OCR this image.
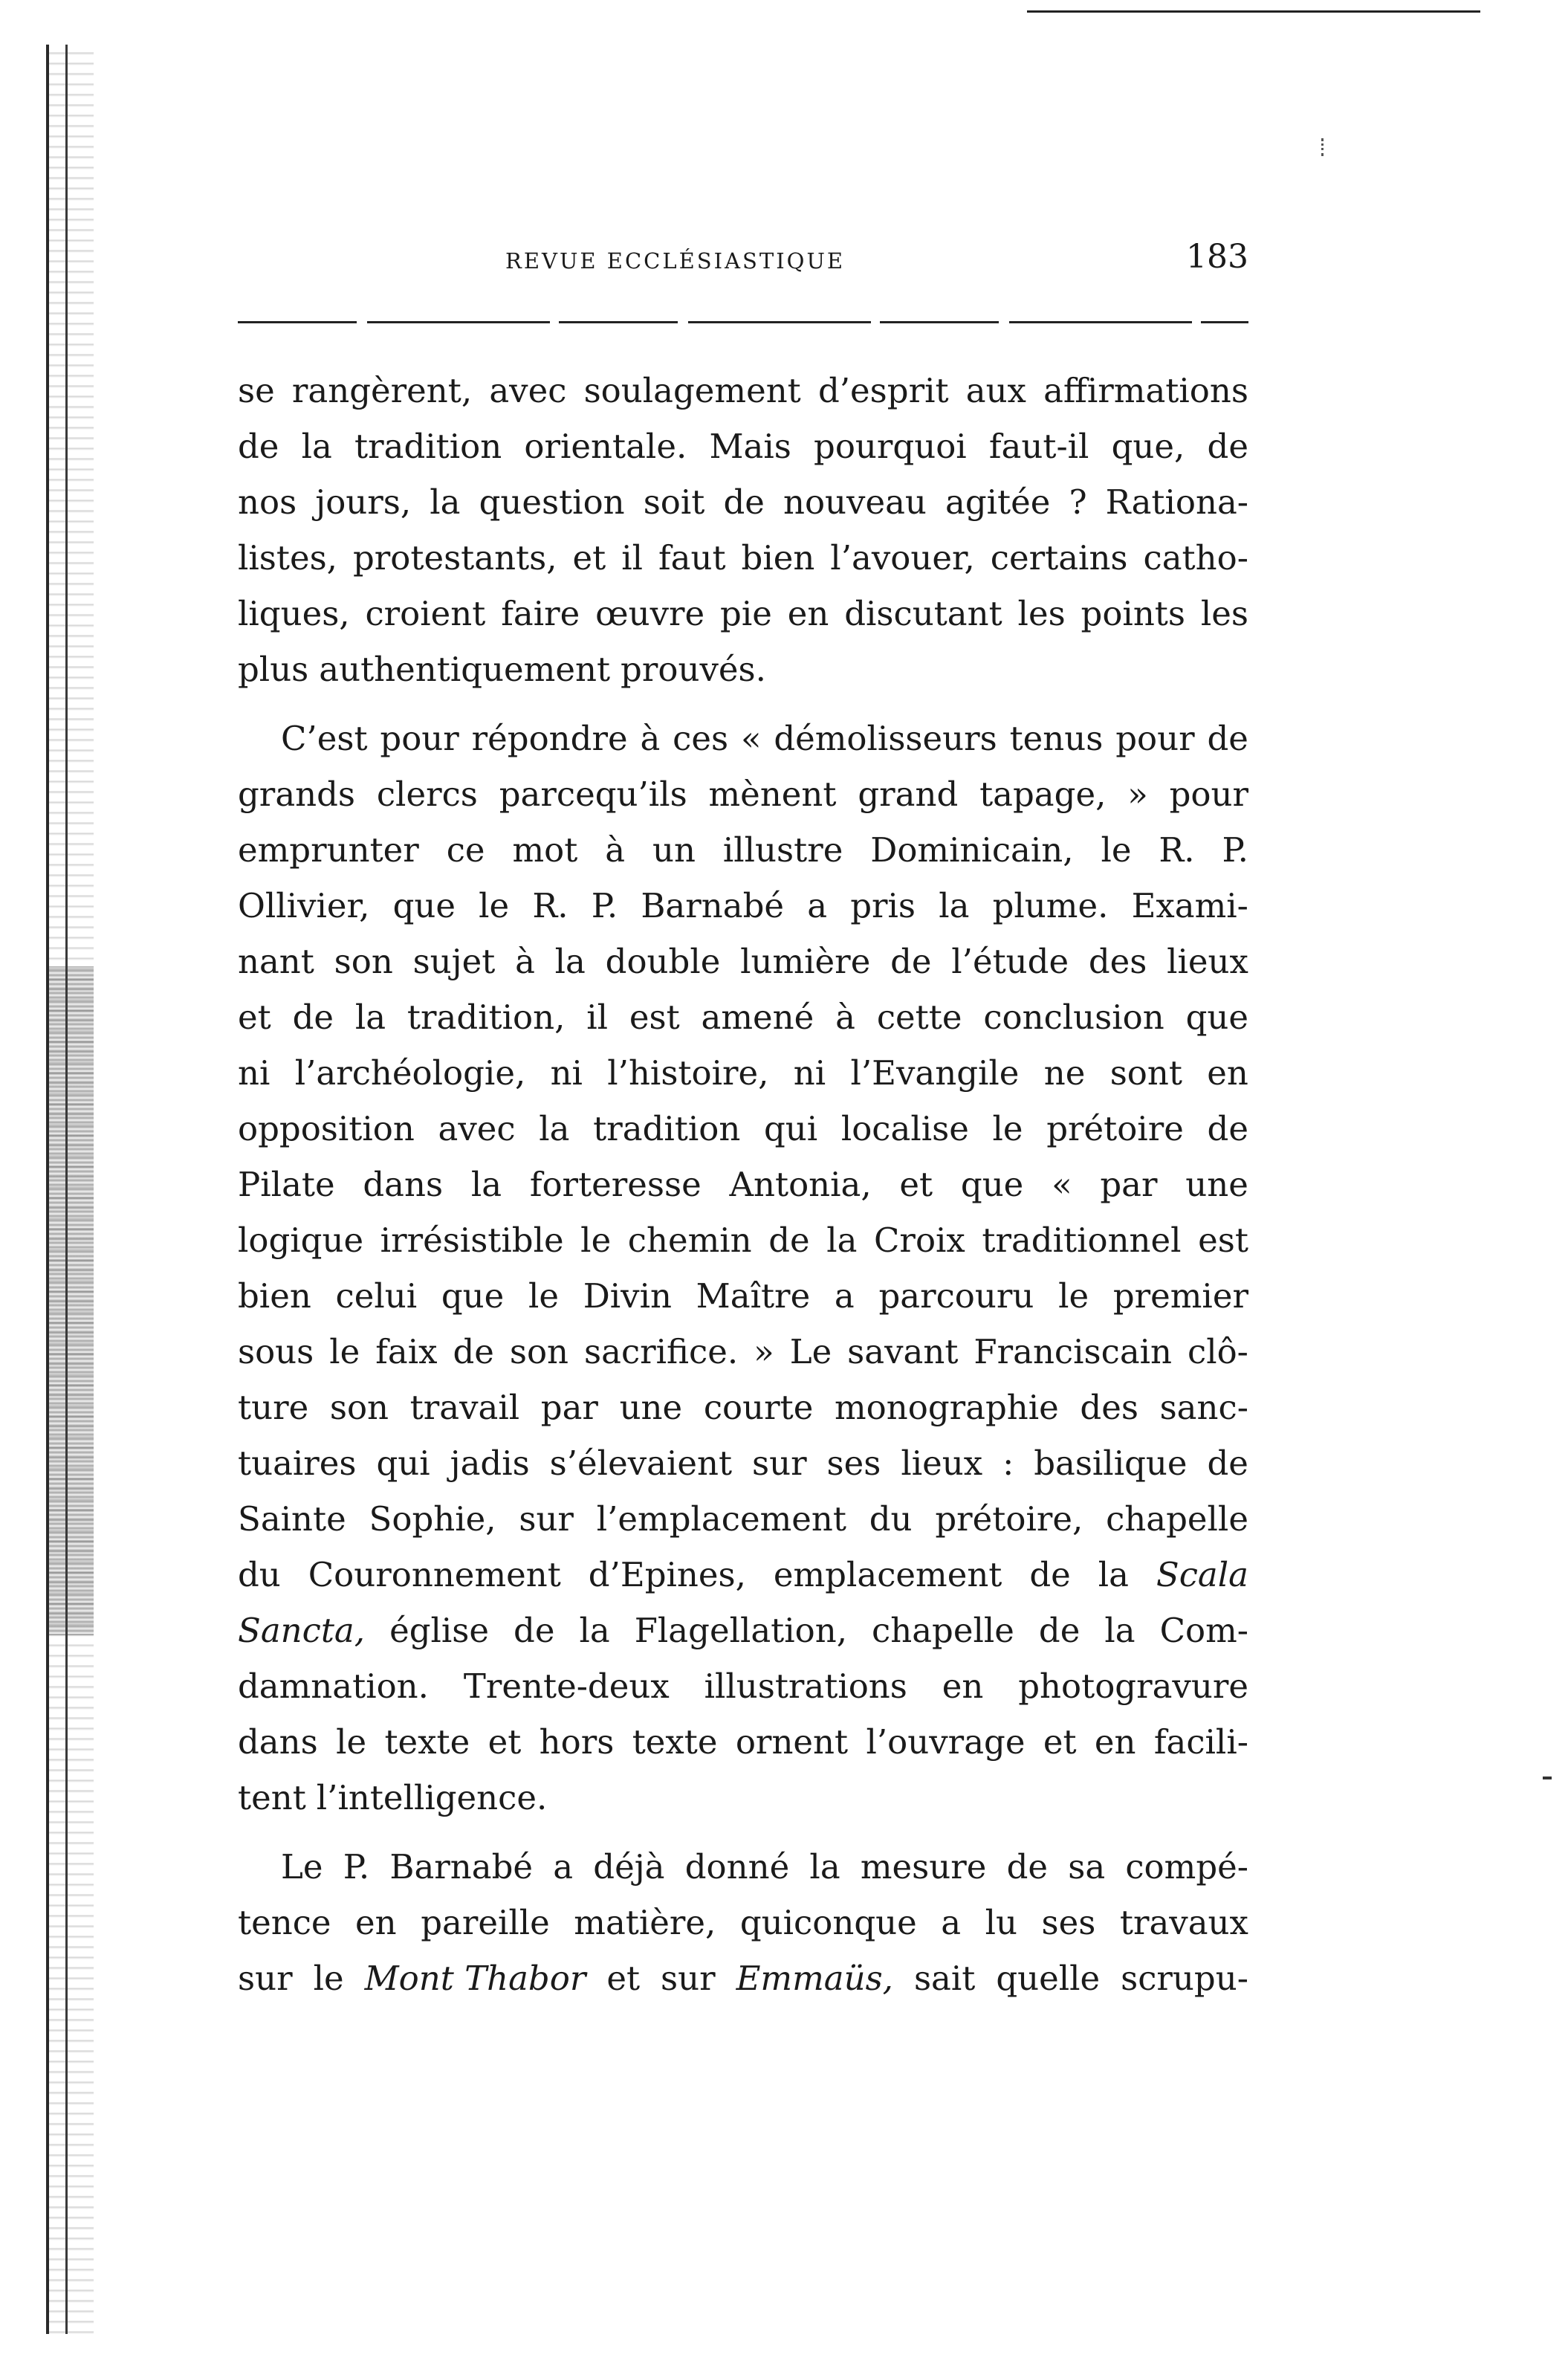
REVUE ECCLÉSIASTIQUE	183
se rangèrent, avec soulagement d’esprit aux affirmations
de la tradition orientale. Mais pourquoi faut-il que, de
nos jours, la question soit de nouveau agitée ? Rationa-
listes, protestants, et il faut bien l’avouer, certains catho-
liques, croient faire œuvre pie en discutant les points les
plus authentiquement prouvés.
C’est pour répondre à ces « démolisseurs tenus pour de
grands clercs parcequ’ils mènent grand tapage, » pour
emprunter ce mot à un illustre Dominicain, le R. P.
Ollivier, que le R. P. Barnabé a pris la plume. Exami-
nant son sujet à la double lumière de l’étude des lieux
et de la tradition, il est amené à cette conclusion que
ni l’archéologie, ni l’histoire, ni l’Evangile ne sont en
opposition avec la tradition qui localise le prétoire de
Pilate dans la forteresse Antonia, et que « par une
logique irrésistible le chemin de la Croix traditionnel est
bien celui que le Divin Maître a parcouru le premier
sous le faix de son sacrifice. » Le savant Franciscain clô-
ture son travail par une courte monographie des sanc-
tuaires qui jadis s’élevaient sur ses lieux : basilique de
Sainte Sophie, sur l’emplacement du prétoire, chapelle
du Couronnement d’Epines, emplacement de la Scala
Sancta, église de la Flagellation, chapelle de la Com-
damnation. Trente-deux illustrations en photogravure
dans le texte et hors texte ornent l’ouvrage et en facili-
tent l’intelligence.
Le P. Barnabé a déjà donné la mesure de sa compé-
tence en pareille matière, quiconque a lu ses travaux
sur le Mont Thabor et sur Emmaüs, sait quelle scrupu-
